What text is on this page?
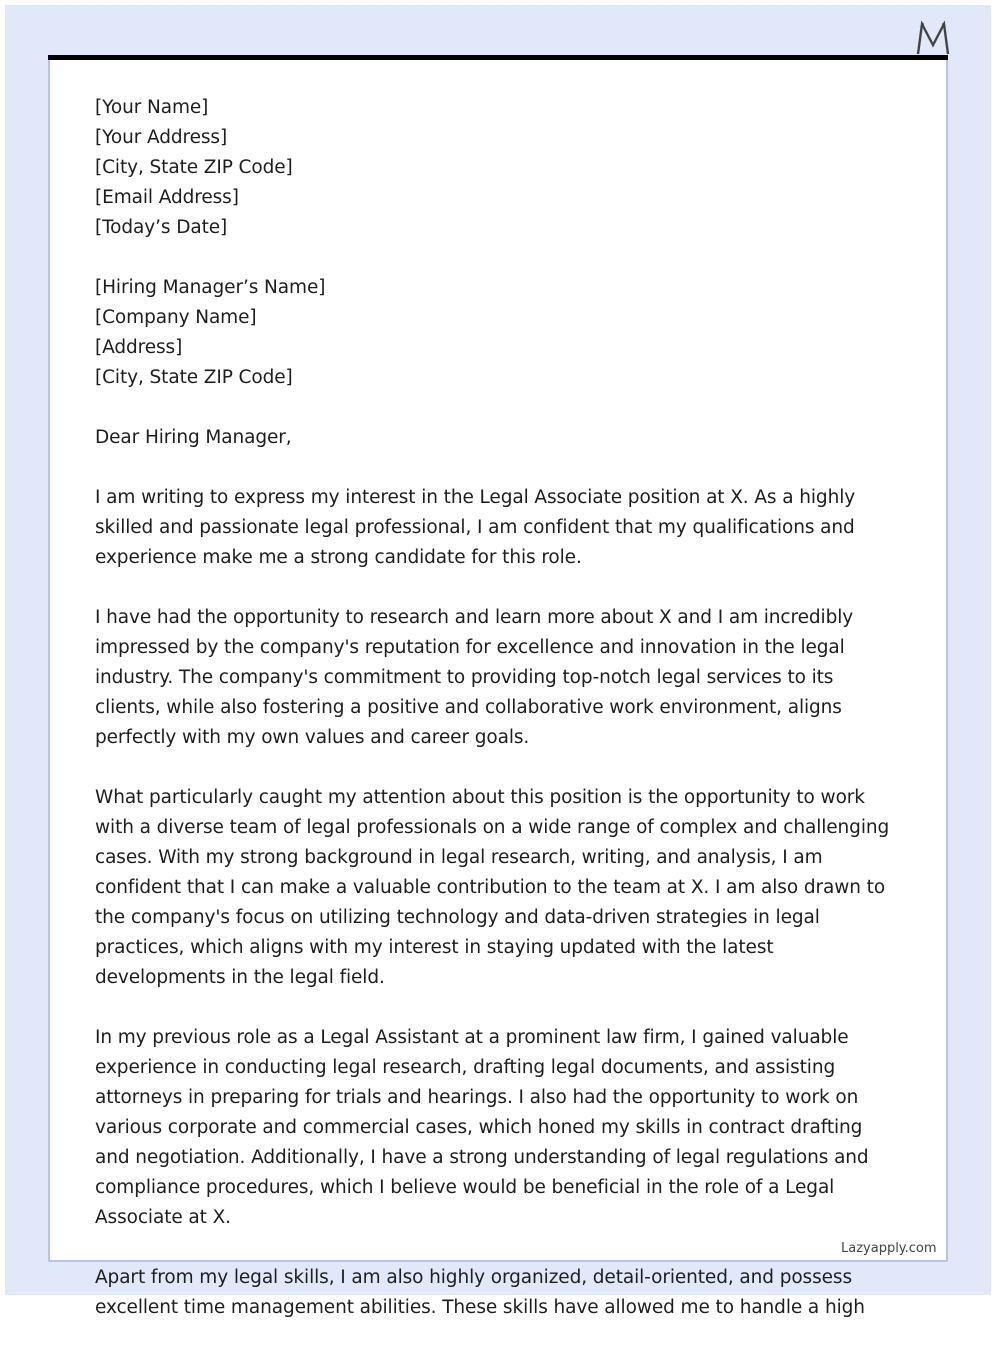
[Your Name]
[Your Address]
[City, State ZIP Code]
[Email Address]
[Today’s Date]
[Hiring Manager’s Name]
[Company Name]
[Address]
[City, State ZIP Code]

Dear Hiring Manager,

I am writing to express my interest in the Legal Associate position at X. As a highly skilled and passionate legal professional, I am confident that my qualifications and experience make me a strong candidate for this role.

I have had the opportunity to research and learn more about X and I am incredibly impressed by the company's reputation for excellence and innovation in the legal industry. The company's commitment to providing top-notch legal services to its clients, while also fostering a positive and collaborative work environment, aligns perfectly with my own values and career goals.

What particularly caught my attention about this position is the opportunity to work with a diverse team of legal professionals on a wide range of complex and challenging cases. With my strong background in legal research, writing, and analysis, I am confident that I can make a valuable contribution to the team at X. I am also drawn to the company's focus on utilizing technology and data-driven strategies in legal practices, which aligns with my interest in staying updated with the latest developments in the legal field.

In my previous role as a Legal Assistant at a prominent law firm, I gained valuable experience in conducting legal research, drafting legal documents, and assisting attorneys in preparing for trials and hearings. I also had the opportunity to work on various corporate and commercial cases, which honed my skills in contract drafting and negotiation. Additionally, I have a strong understanding of legal regulations and compliance procedures, which I believe would be beneficial in the role of a Legal Associate at X.

Apart from my legal skills, I am also highly organized, detail-oriented, and possess excellent time management abilities. These skills have allowed me to handle a high

Lazyapply.com
